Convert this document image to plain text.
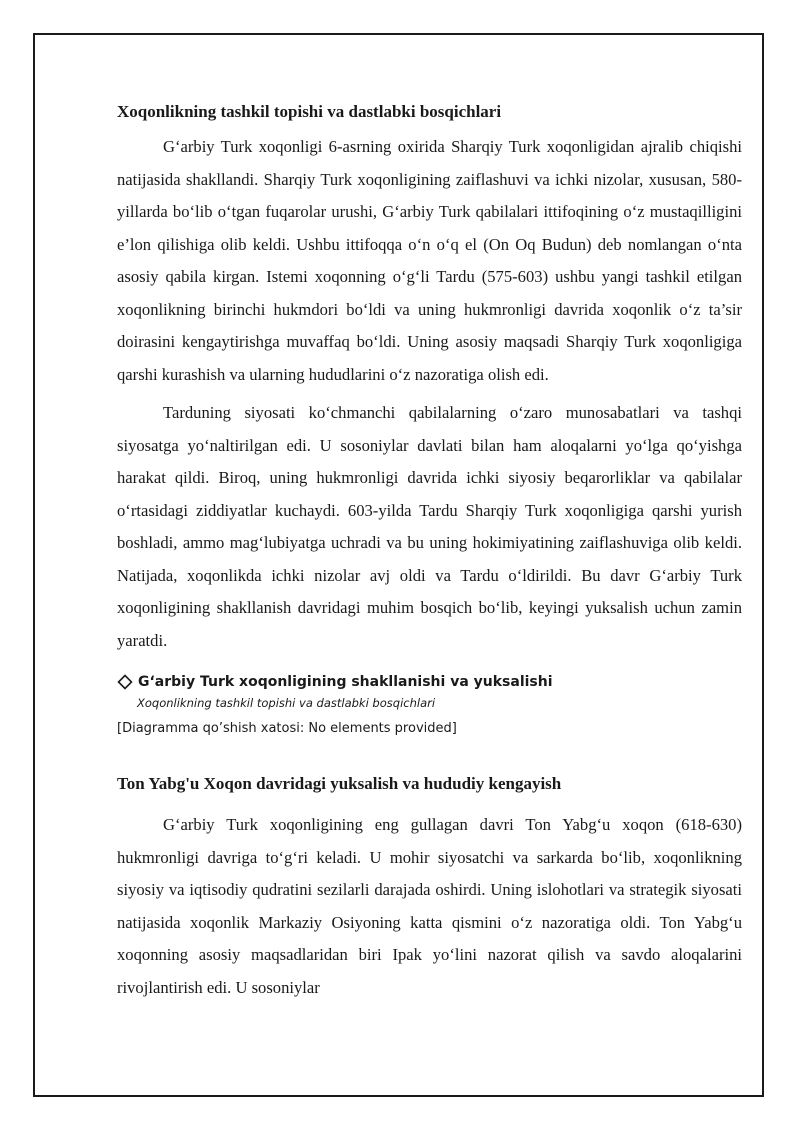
Xoqonlikning tashkil topishi va dastlabki bosqichlari

G‘arbiy Turk xoqonligi 6-asrning oxirida Sharqiy Turk xoqonligidan ajralib chiqishi natijasida shakllandi. Sharqiy Turk xoqonligining zaiflashuvi va ichki nizolar, xususan, 580-yillarda bo‘lib o‘tgan fuqarolar urushi, G‘arbiy Turk qabilalari ittifoqining o‘z mustaqilligini e’lon qilishiga olib keldi. Ushbu ittifoqqa o‘n o‘q el (On Oq Budun) deb nomlangan o‘nta asosiy qabila kirgan. Istemi xoqonning o‘g‘li Tardu (575-603) ushbu yangi tashkil etilgan xoqonlikning birinchi hukmdori bo‘ldi va uning hukmronligi davrida xoqonlik o‘z ta’sir doirasini kengaytirishga muvaffaq bo‘ldi. Uning asosiy maqsadi Sharqiy Turk xoqonligiga qarshi kurashish va ularning hududlarini o‘z nazoratiga olish edi.

Tarduning siyosati ko‘chmanchi qabilalarning o‘zaro munosabatlari va tashqi siyosatga yo‘naltirilgan edi. U sosoniylar davlati bilan ham aloqalarni yo‘lga qo‘yishga harakat qildi. Biroq, uning hukmronligi davrida ichki siyosiy beqarorliklar va qabilalar o‘rtasidagi ziddiyatlar kuchaydi. 603-yilda Tardu Sharqiy Turk xoqonligiga qarshi yurish boshladi, ammo mag‘lubiyatga uchradi va bu uning hokimiyatining zaiflashuviga olib keldi. Natijada, xoqonlikda ichki nizolar avj oldi va Tardu o‘ldirildi. Bu davr G‘arbiy Turk xoqonligining shakllanish davridagi muhim bosqich bo‘lib, keyingi yuksalish uchun zamin yaratdi.

G‘arbiy Turk xoqonligining shakllanishi va yuksalishi
Xoqonlikning tashkil topishi va dastlabki bosqichlari
[Diagramma qo’shish xatosi: No elements provided]
Ton Yabg'u Xoqon davridagi yuksalish va hududiy kengayish

G‘arbiy Turk xoqonligining eng gullagan davri Ton Yabg‘u xoqon (618-630) hukmronligi davriga to‘g‘ri keladi. U mohir siyosatchi va sarkarda bo‘lib, xoqonlikning siyosiy va iqtisodiy qudratini sezilarli darajada oshirdi. Uning islohotlari va strategik siyosati natijasida xoqonlik Markaziy Osiyoning katta qismini o‘z nazoratiga oldi. Ton Yabg‘u xoqonning asosiy maqsadlaridan biri Ipak yo‘lini nazorat qilish va savdo aloqalarini rivojlantirish edi. U sosoniylar
